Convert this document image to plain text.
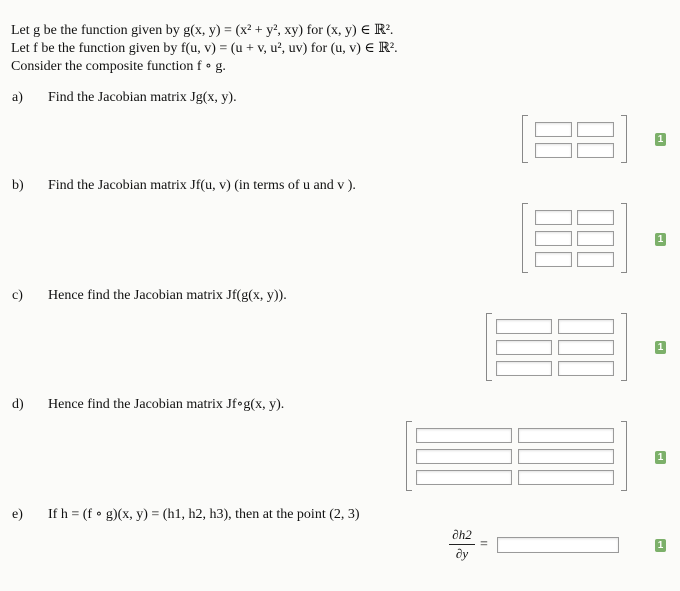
Let g be the function given by g(x, y) = (x² + y², xy) for (x, y) ∈ ℝ².
Let f be the function given by f(u, v) = (u + v, u², uv) for (u, v) ∈ ℝ².
Consider the composite function f ∘ g.
a) Find the Jacobian matrix Jg(x, y).
1
b) Find the Jacobian matrix Jf(u, v) (in terms of u and v ).
1
c) Hence find the Jacobian matrix Jf(g(x, y)).
1
d) Hence find the Jacobian matrix Jf∘g(x, y).
1
e) If h = (f ∘ g)(x, y) = (h1, h2, h3), then at the point (2, 3)
$\frac{\partial h2}{\partial y}$ =	1
